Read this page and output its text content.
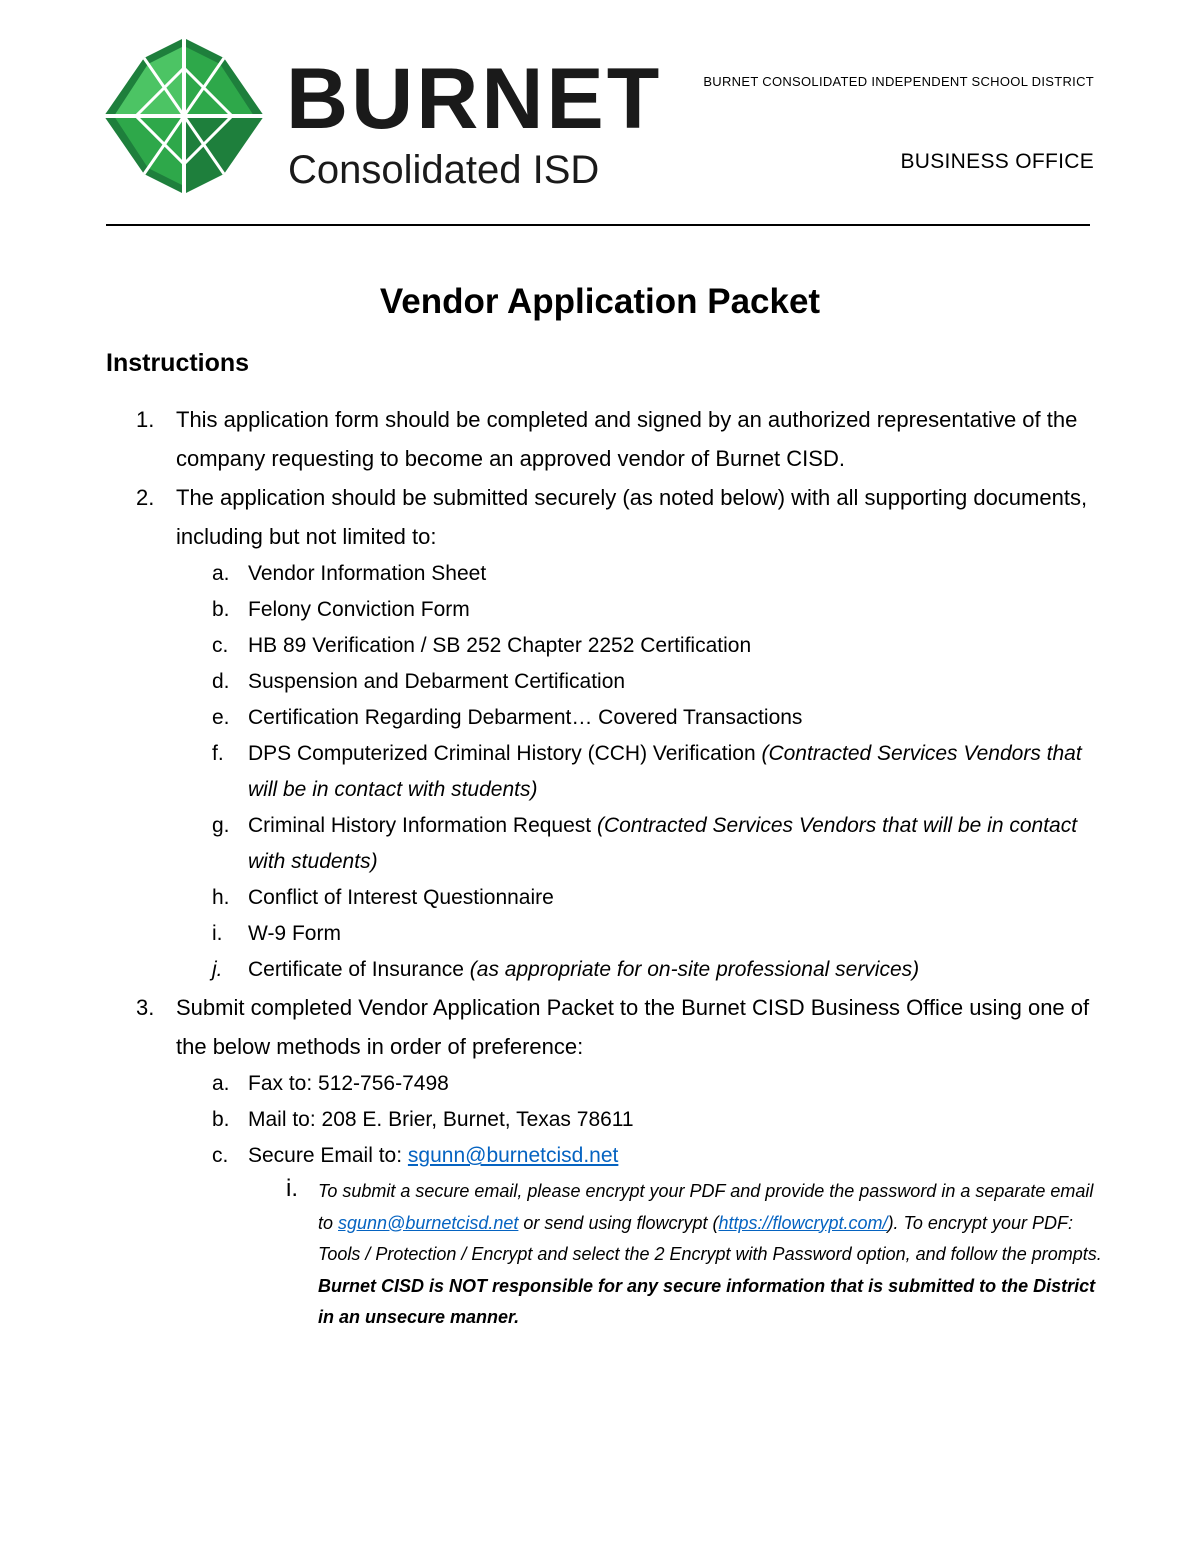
BURNET
Consolidated ISD
BURNET CONSOLIDATED INDEPENDENT SCHOOL DISTRICT
BUSINESS OFFICE
Vendor Application Packet
Instructions
1. This application form should be completed and signed by an authorized representative of the company requesting to become an approved vendor of Burnet CISD.
2. The application should be submitted securely (as noted below) with all supporting documents, including but not limited to:
a. Vendor Information Sheet
b. Felony Conviction Form
c. HB 89 Verification / SB 252 Chapter 2252 Certification
d. Suspension and Debarment Certification
e. Certification Regarding Debarment… Covered Transactions
f. DPS Computerized Criminal History (CCH) Verification (Contracted Services Vendors that will be in contact with students)
g. Criminal History Information Request (Contracted Services Vendors that will be in contact with students)
h. Conflict of Interest Questionnaire
i. W-9 Form
j. Certificate of Insurance (as appropriate for on-site professional services)
3. Submit completed Vendor Application Packet to the Burnet CISD Business Office using one of the below methods in order of preference:
a. Fax to: 512-756-7498
b. Mail to: 208 E. Brier, Burnet, Texas 78611
c. Secure Email to: sgunn@burnetcisd.net
i. To submit a secure email, please encrypt your PDF and provide the password in a separate email to sgunn@burnetcisd.net or send using flowcrypt (https://flowcrypt.com/). To encrypt your PDF: Tools / Protection / Encrypt and select the 2 Encrypt with Password option, and follow the prompts. Burnet CISD is NOT responsible for any secure information that is submitted to the District in an unsecure manner.
